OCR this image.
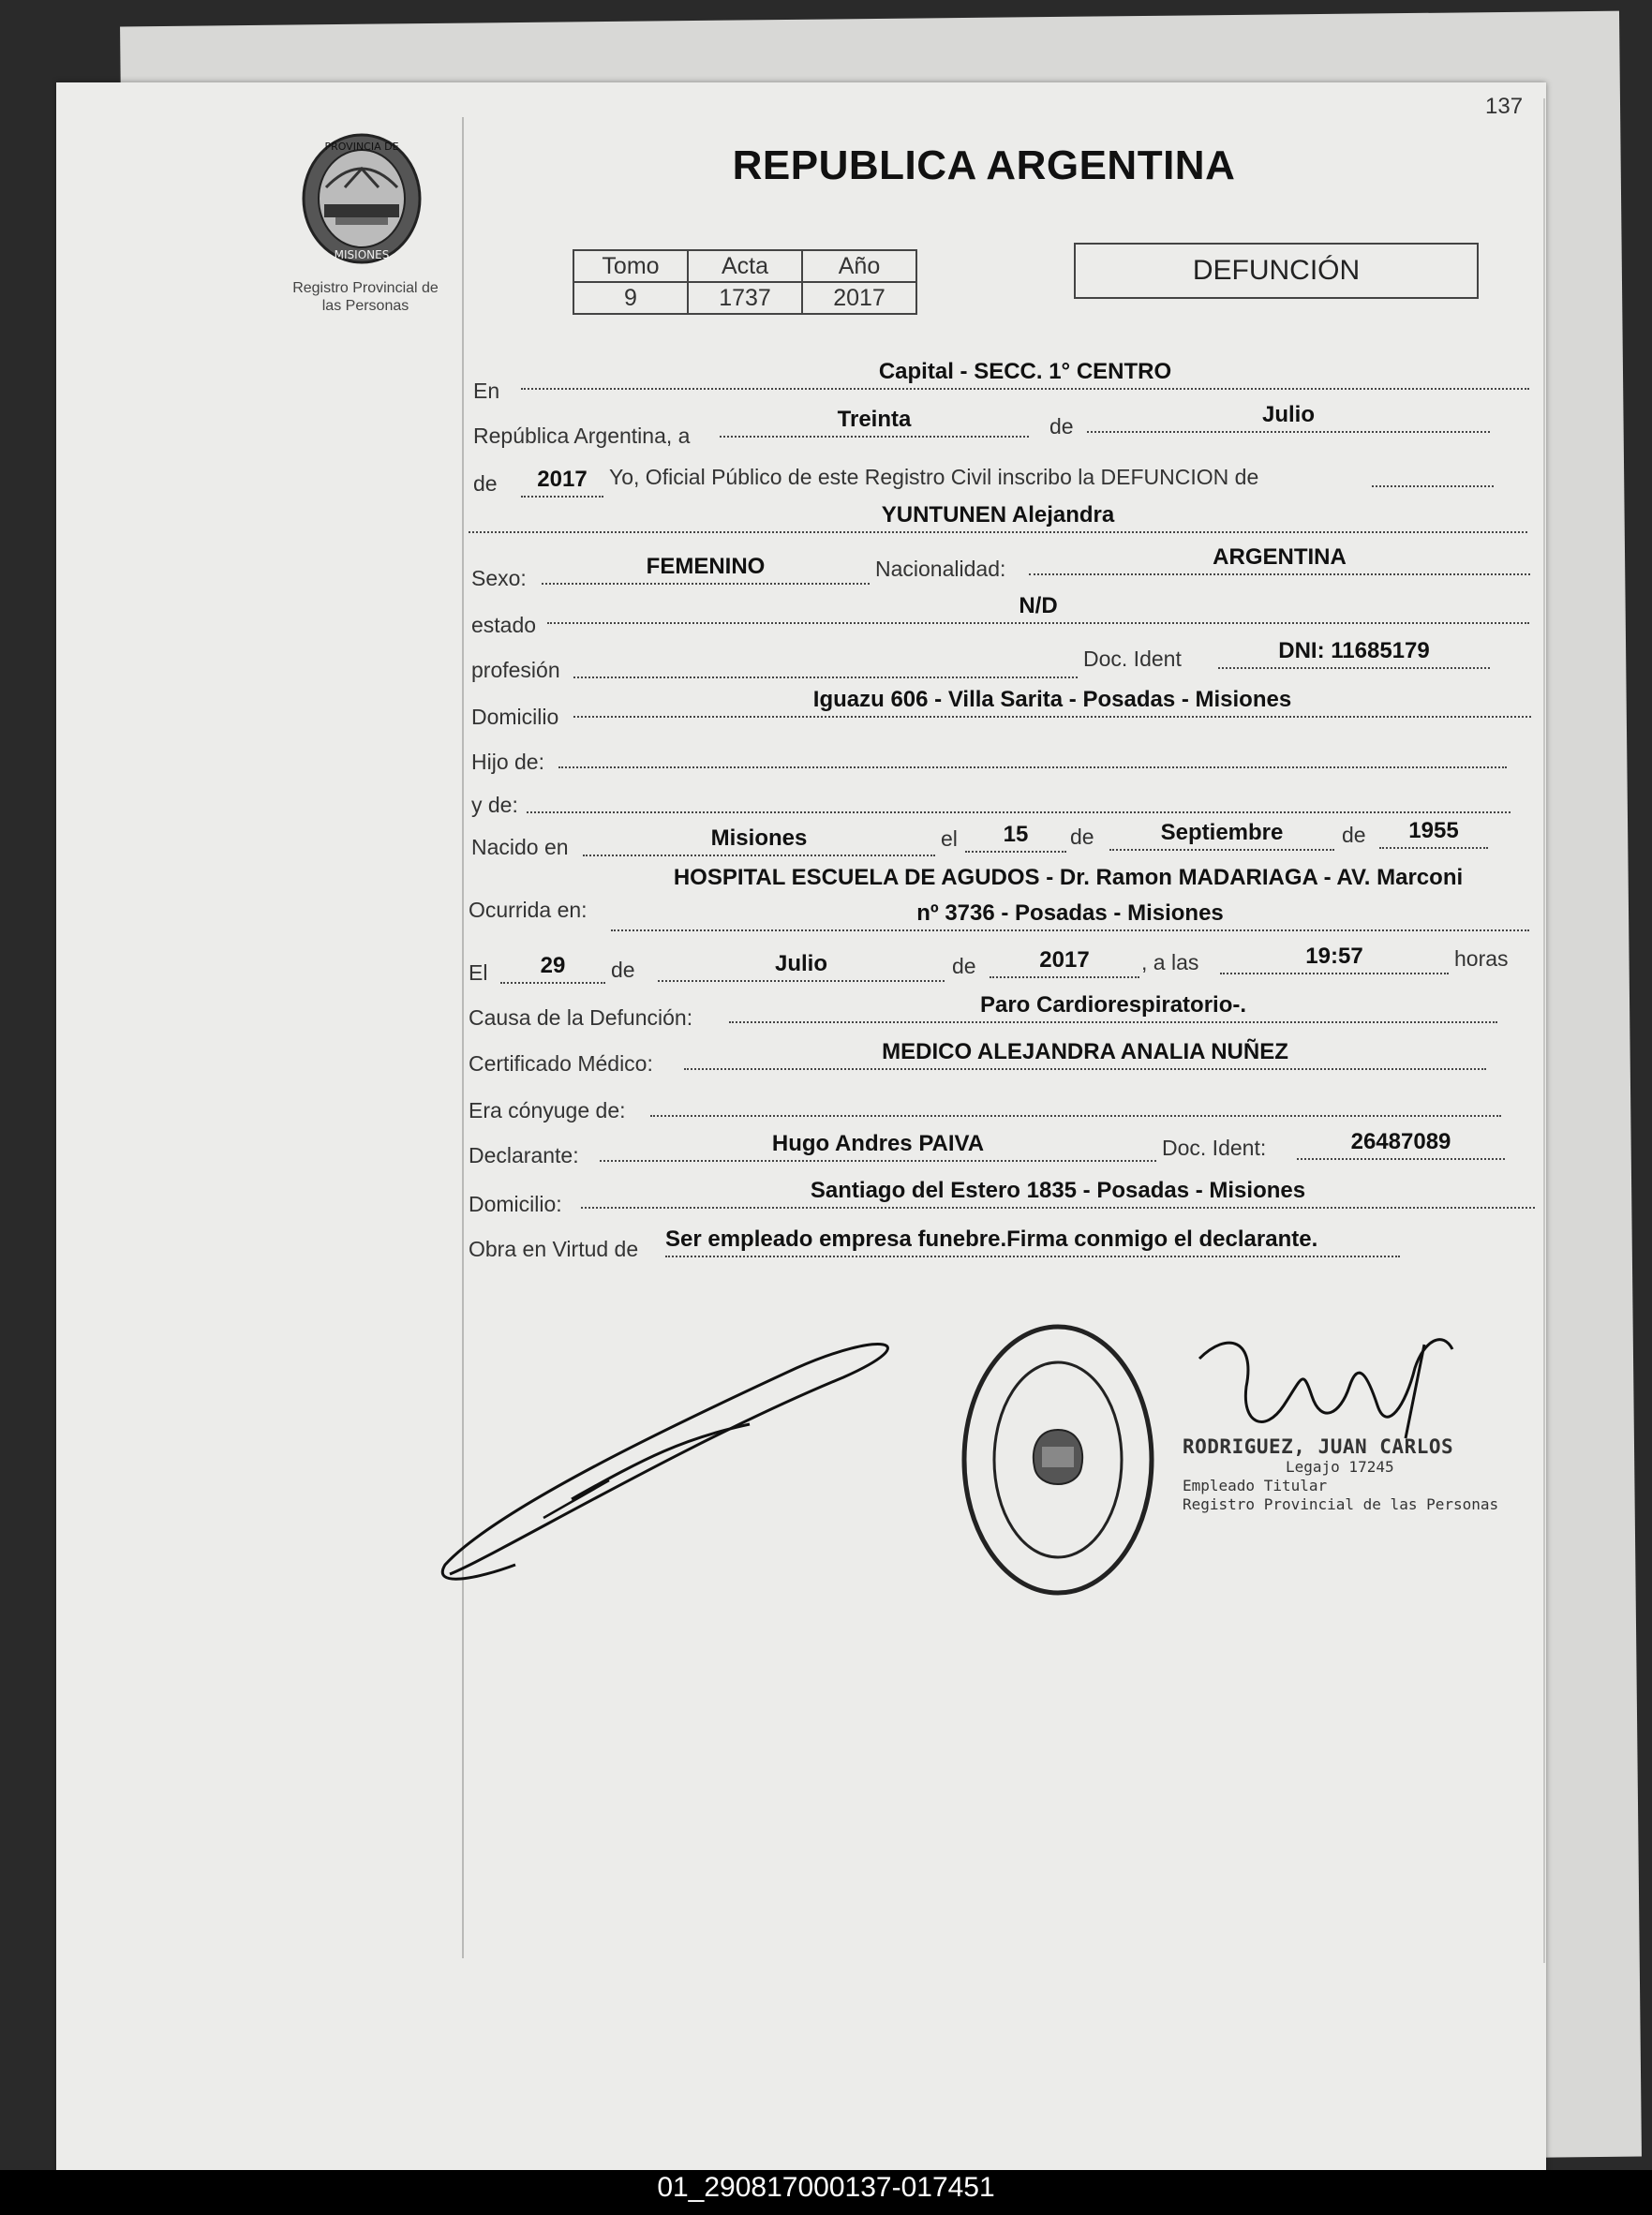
137
PROVINCIA DE
MISIONES
Registro Provincial de
las Personas
REPUBLICA ARGENTINA
Tomo	Acta	Año
9	1737	2017
DEFUNCIÓN
En
Capital - SECC. 1° CENTRO
República Argentina, a
Treinta	de	Julio
de	2017	Yo, Oficial Público de este Registro Civil inscribo la DEFUNCION de
YUNTUNEN Alejandra
Sexo:	FEMENINO	Nacionalidad:	ARGENTINA
estado
N/D
profesión	Doc. Ident	DNI: 11685179
Domicilio
Iguazu 606 - Villa Sarita - Posadas - Misiones
Hijo de:
y de:
Nacido en	Misiones	el	15	de	Septiembre	de	1955
Ocurrida en:
HOSPITAL ESCUELA DE AGUDOS - Dr. Ramon MADARIAGA - AV. Marconi
nº 3736 - Posadas - Misiones
El	29	de	Julio	de	2017	, a las	19:57	horas
Causa de la Defunción:	Paro Cardiorespiratorio-.
Certificado Médico:	MEDICO ALEJANDRA ANALIA NUÑEZ
Era cónyuge de:
Declarante:	Hugo Andres PAIVA	Doc. Ident:	26487089
Domicilio:
Santiago del Estero 1835 - Posadas - Misiones
Obra en Virtud de Ser empleado empresa funebre.Firma conmigo el declarante.
RODRIGUEZ, JUAN CARLOS
Legajo 17245
Empleado Titular
Registro Provincial de las Personas
01_290817000137-017451
